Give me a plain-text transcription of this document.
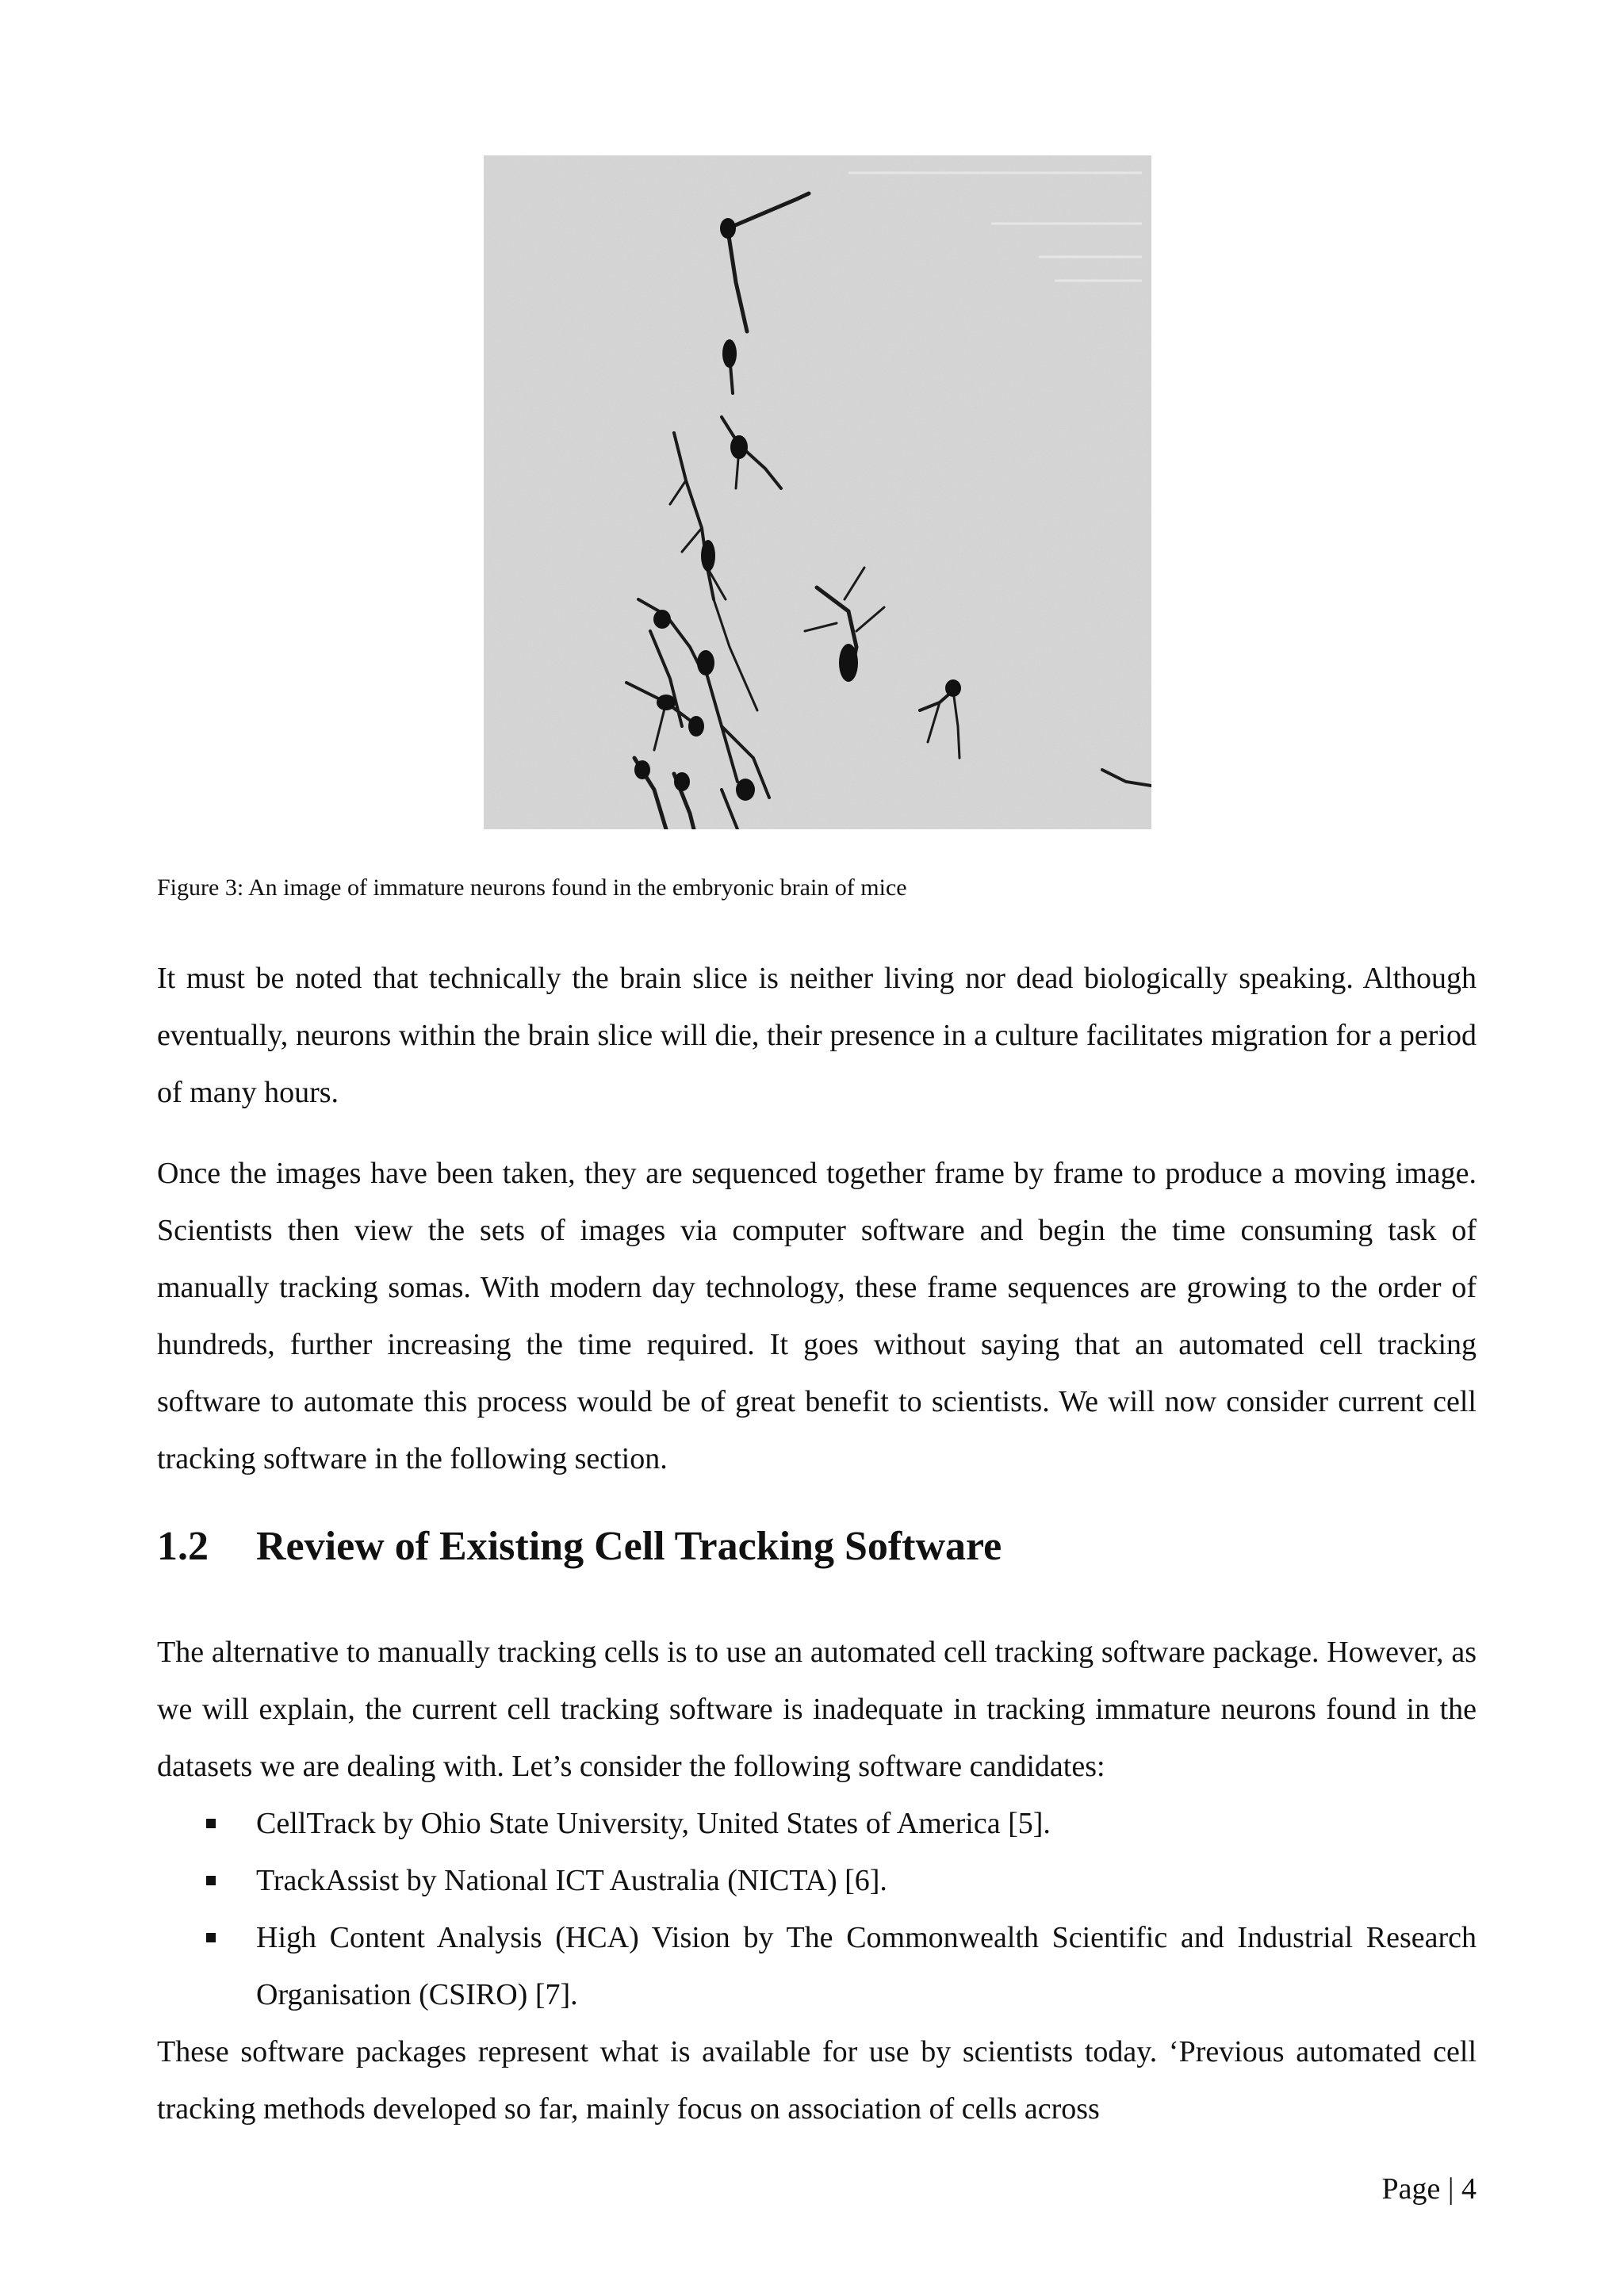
Figure 3: An image of immature neurons found in the embryonic brain of mice

It must be noted that technically the brain slice is neither living nor dead biologically speaking. Although eventually, neurons within the brain slice will die, their presence in a culture facilitates migration for a period of many hours.

Once the images have been taken, they are sequenced together frame by frame to produce a moving image. Scientists then view the sets of images via computer software and begin the time consuming task of manually tracking somas. With modern day technology, these frame sequences are growing to the order of hundreds, further increasing the time required. It goes without saying that an automated cell tracking software to automate this process would be of great benefit to scientists. We will now consider current cell tracking software in the following section.

1.2 Review of Existing Cell Tracking Software

The alternative to manually tracking cells is to use an automated cell tracking software package. However, as we will explain, the current cell tracking software is inadequate in tracking immature neurons found in the datasets we are dealing with. Let’s consider the following software candidates:

CellTrack by Ohio State University, United States of America [5].
TrackAssist by National ICT Australia (NICTA) [6].
High Content Analysis (HCA) Vision by The Commonwealth Scientific and Industrial Research Organisation (CSIRO) [7].

These software packages represent what is available for use by scientists today. ‘Previous automated cell tracking methods developed so far, mainly focus on association of cells across

Page | 4
